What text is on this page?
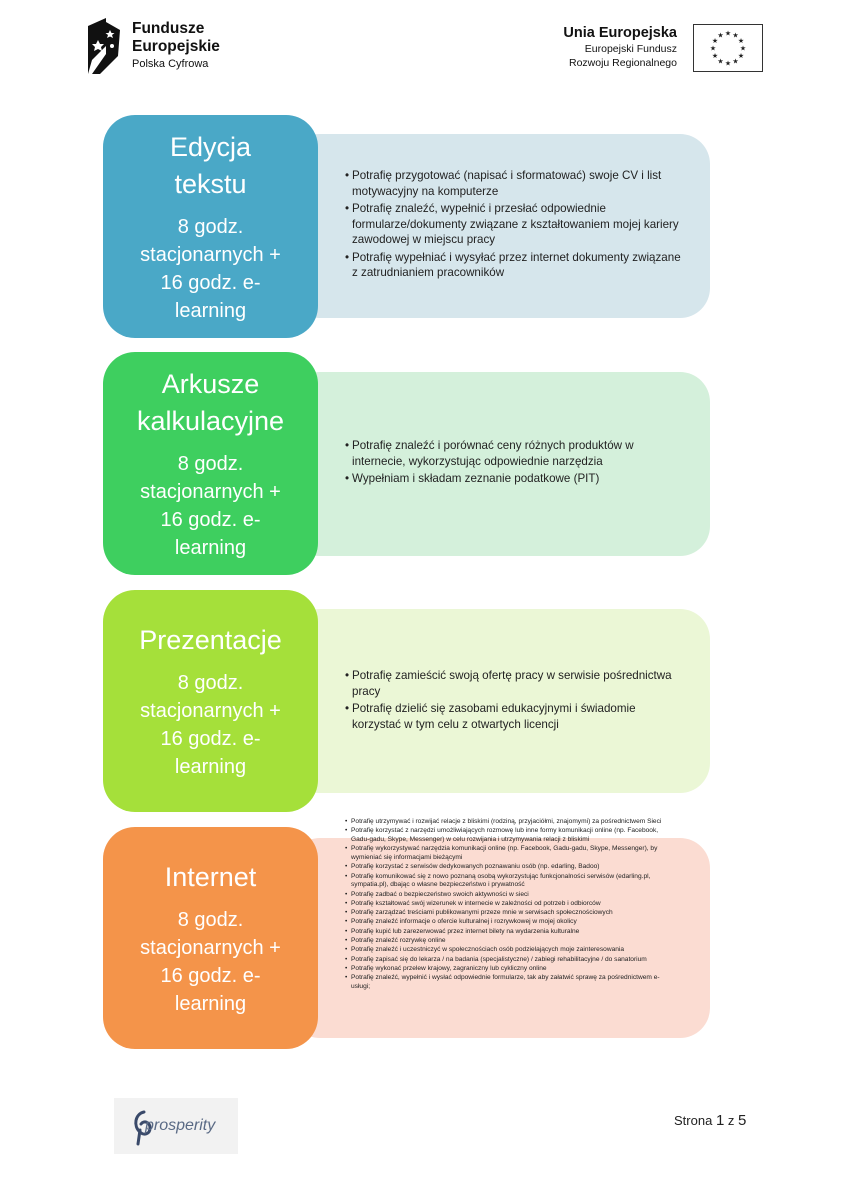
Fundusze
Europejskie
Polska Cyfrowa
Unia Europejska
Europejski Fundusz
Rozwoju Regionalnego
★ ★
★
★
★
★
★
★
★
★
★
★
Edycja
tekstu
8 godz.
stacjonarnych +
16 godz. e-
learning
• Potrafię przygotować (napisać i sformatować) swoje CV i list motywacyjny na komputerze
• Potrafię znaleźć, wypełnić i przesłać odpowiednie formularze/dokumenty związane z kształtowaniem mojej kariery zawodowej w miejscu pracy
• Potrafię wypełniać i wysyłać przez internet dokumenty związane z zatrudnianiem pracowników
Arkusze
kalkulacyjne
8 godz.
stacjonarnych +
16 godz. e-
learning
• Potrafię znaleźć i porównać ceny różnych produktów w internecie, wykorzystując odpowiednie narzędzia
• Wypełniam i składam zeznanie podatkowe (PIT)
Prezentacje
8 godz.
stacjonarnych +
16 godz. e-
learning
• Potrafię zamieścić swoją ofertę pracy w serwisie pośrednictwa pracy
• Potrafię dzielić się zasobami edukacyjnymi i świadomie korzystać w tym celu z otwartych licencji
Internet
8 godz.
stacjonarnych +
16 godz. e-
learning
• Potrafię utrzymywać i rozwijać relacje z bliskimi (rodziną, przyjaciółmi, znajomymi) za pośrednictwem Sieci
• Potrafię korzystać z narzędzi umożliwiających rozmowę lub inne formy komunikacji online (np. Facebook, Gadu-gadu, Skype, Messenger) w celu rozwijania i utrzymywania relacji z bliskimi
• Potrafię wykorzystywać narzędzia komunikacji online (np. Facebook, Gadu-gadu, Skype, Messenger), by wymieniać się informacjami bieżącymi
• Potrafię korzystać z serwisów dedykowanych poznawaniu osób (np. edarling, Badoo)
• Potrafię komunikować się z nowo poznaną osobą wykorzystując funkcjonalności serwisów (edarling.pl, sympatia.pl), dbając o własne bezpieczeństwo i prywatność
• Potrafię zadbać o bezpieczeństwo swoich aktywności w sieci
• Potrafię kształtować swój wizerunek w internecie w zależności od potrzeb i odbiorców
• Potrafię zarządzać treściami publikowanymi przeze mnie w serwisach społecznościowych
• Potrafię znaleźć informacje o ofercie kulturalnej i rozrywkowej w mojej okolicy
• Potrafię kupić lub zarezerwować przez internet bilety na wydarzenia kulturalne
• Potrafię znaleźć rozrywkę online
• Potrafię znaleźć i uczestniczyć w społecznościach osób podzielających moje zainteresowania
• Potrafię zapisać się do lekarza / na badania (specjalistyczne) / zabiegi rehabilitacyjne / do sanatorium
• Potrafię wykonać przelew krajowy, zagraniczny lub cykliczny online
• Potrafię znaleźć, wypełnić i wysłać odpowiednie formularze, tak aby załatwić sprawę za pośrednictwem e-usługi;
prosperity	Strona 1 z 5
